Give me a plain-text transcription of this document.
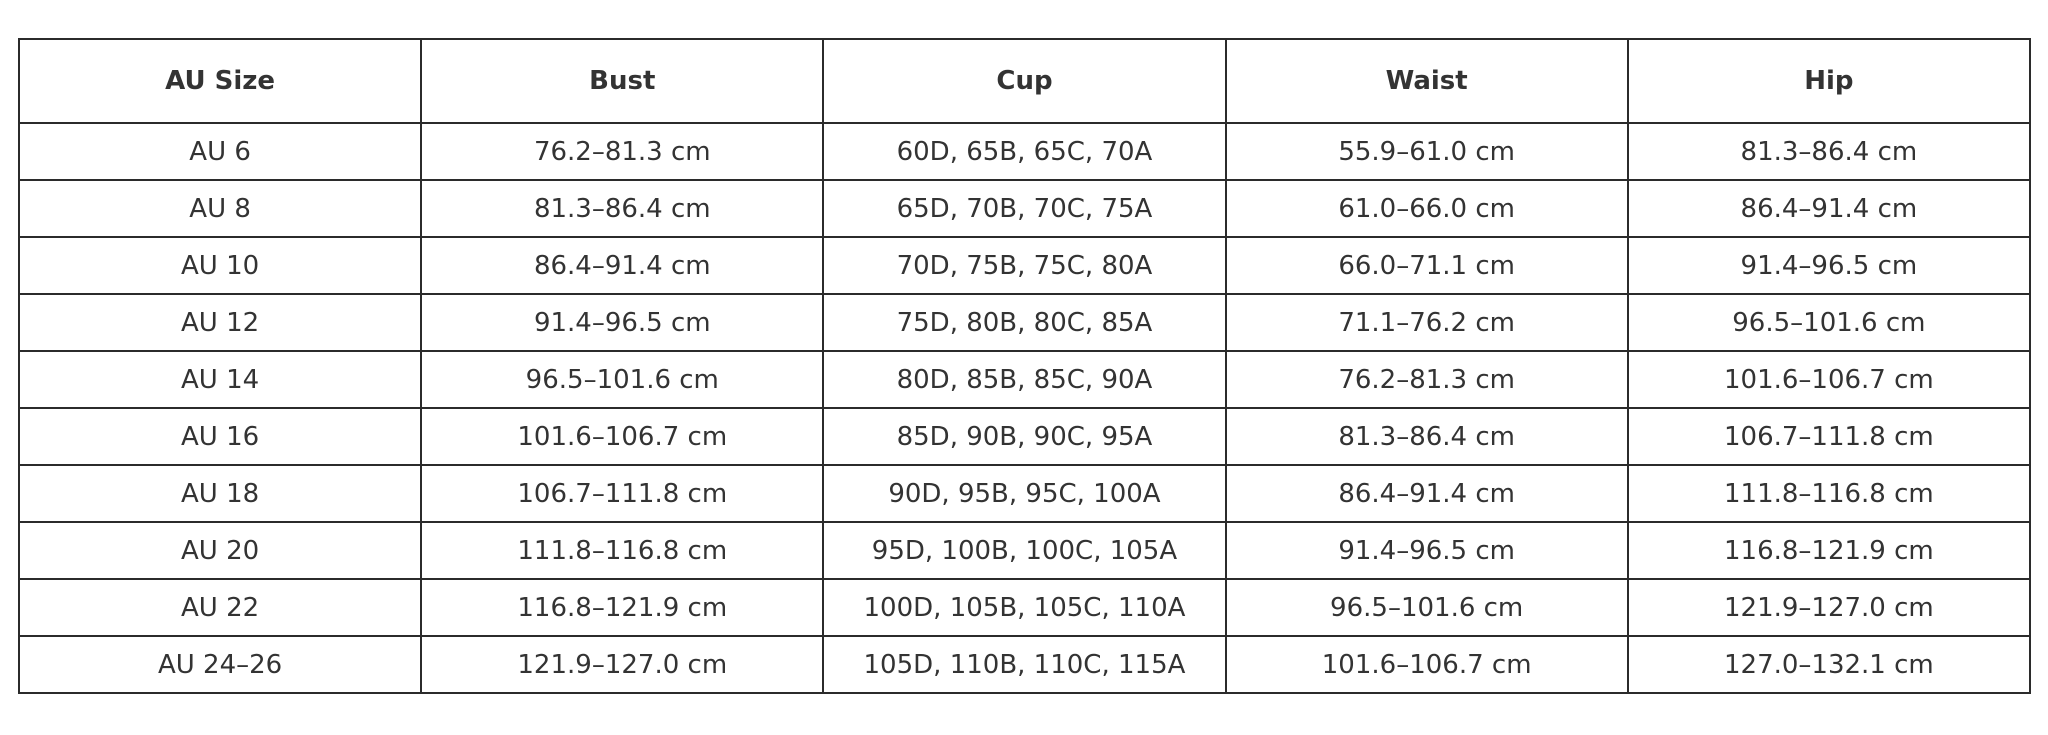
AU Size	Bust	Cup	Waist	Hip
AU 6	76.2–81.3 cm	60D, 65B, 65C, 70A	55.9–61.0 cm	81.3–86.4 cm
AU 8	81.3–86.4 cm	65D, 70B, 70C, 75A	61.0–66.0 cm	86.4–91.4 cm
AU 10	86.4–91.4 cm	70D, 75B, 75C, 80A	66.0–71.1 cm	91.4–96.5 cm
AU 12	91.4–96.5 cm	75D, 80B, 80C, 85A	71.1–76.2 cm	96.5–101.6 cm
AU 14	96.5–101.6 cm	80D, 85B, 85C, 90A	76.2–81.3 cm	101.6–106.7 cm
AU 16	101.6–106.7 cm	85D, 90B, 90C, 95A	81.3–86.4 cm	106.7–111.8 cm
AU 18	106.7–111.8 cm	90D, 95B, 95C, 100A	86.4–91.4 cm	111.8–116.8 cm
AU 20	111.8–116.8 cm	95D, 100B, 100C, 105A	91.4–96.5 cm	116.8–121.9 cm
AU 22	116.8–121.9 cm	100D, 105B, 105C, 110A	96.5–101.6 cm	121.9–127.0 cm
AU 24–26	121.9–127.0 cm	105D, 110B, 110C, 115A	101.6–106.7 cm	127.0–132.1 cm
